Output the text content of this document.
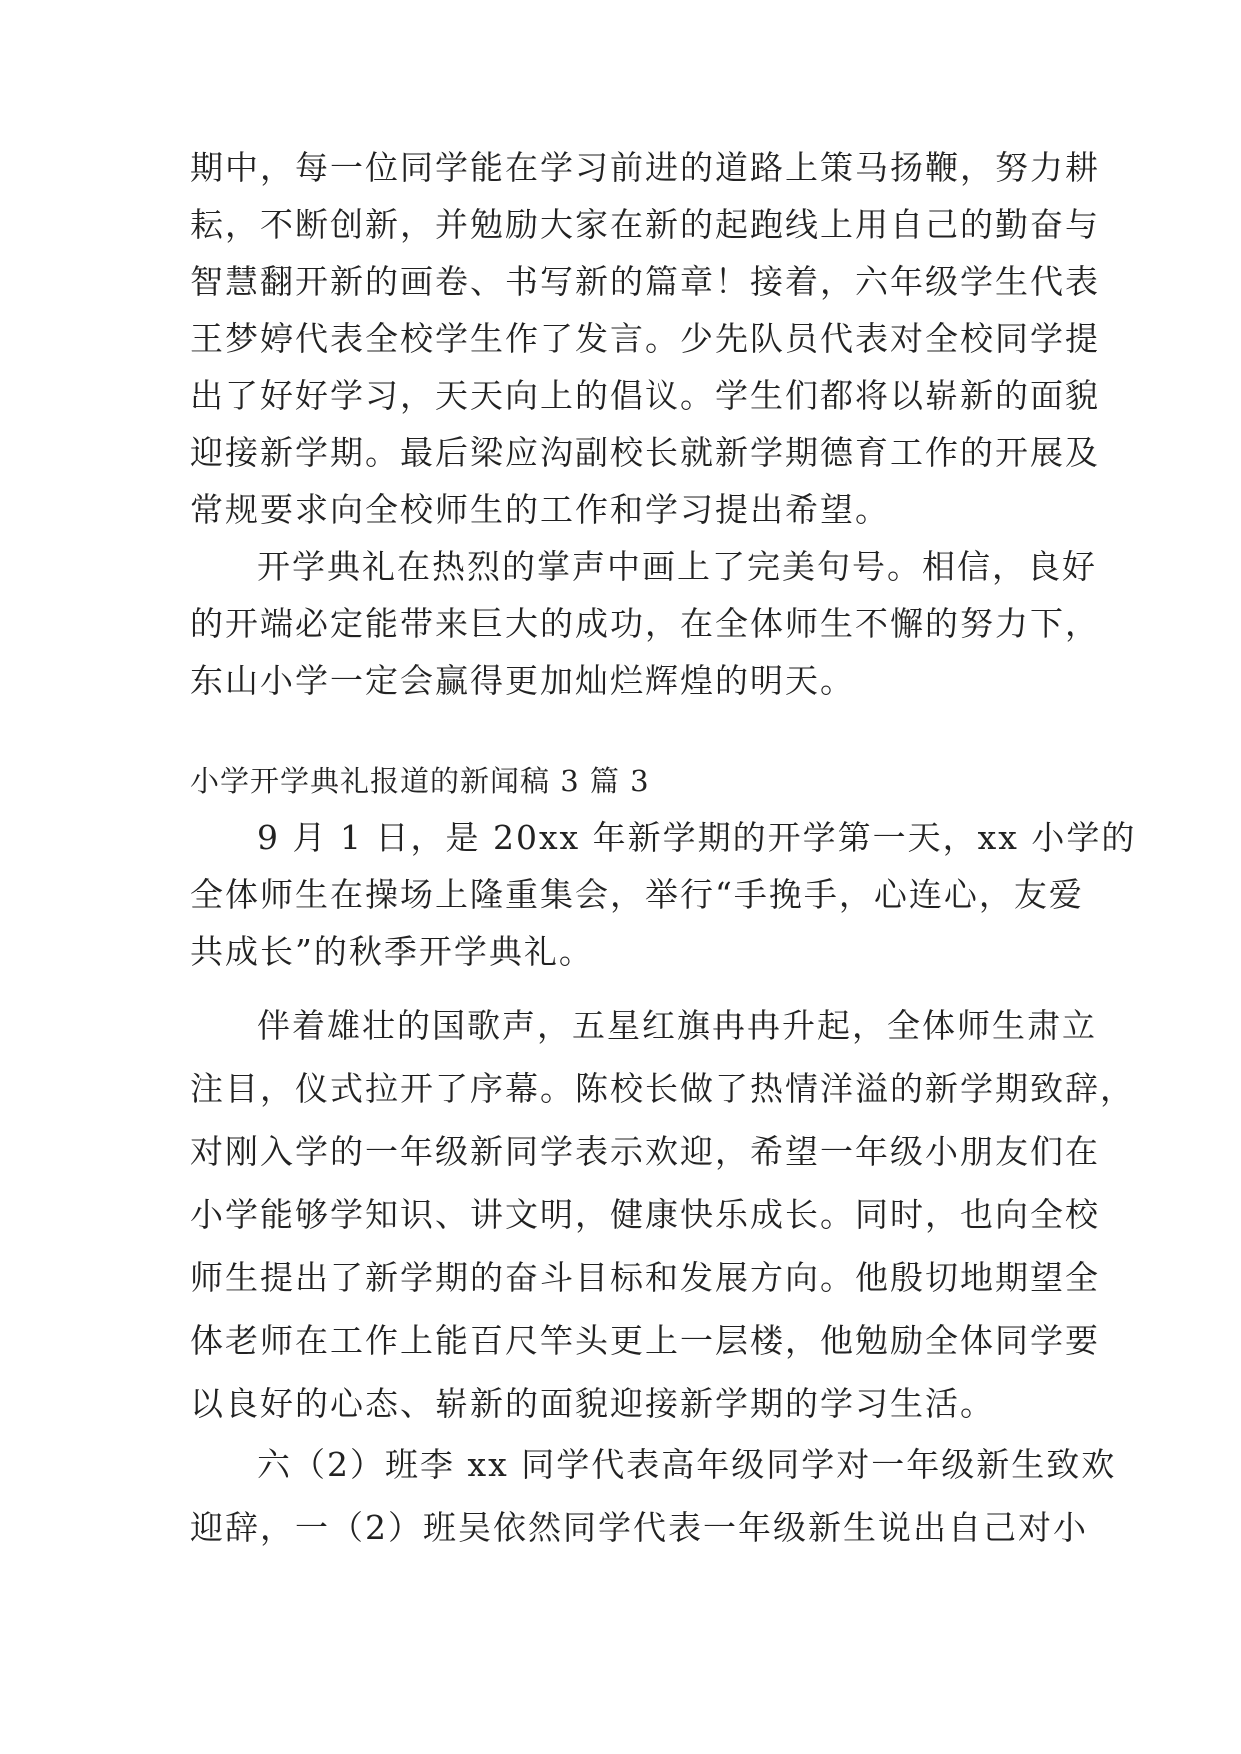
期中，每一位同学能在学习前进的道路上策马扬鞭，努力耕
耘，不断创新，并勉励大家在新的起跑线上用自己的勤奋与
智慧翻开新的画卷、书写新的篇章！接着，六年级学生代表
王梦婷代表全校学生作了发言。少先队员代表对全校同学提
出了好好学习，天天向上的倡议。学生们都将以崭新的面貌
迎接新学期。最后梁应沟副校长就新学期德育工作的开展及
常规要求向全校师生的工作和学习提出希望。
开学典礼在热烈的掌声中画上了完美句号。相信，良好
的开端必定能带来巨大的成功，在全体师生不懈的努力下，
东山小学一定会赢得更加灿烂辉煌的明天。
小学开学典礼报道的新闻稿 3 篇 3
9 月 1 日，是 20xx 年新学期的开学第一天，xx 小学的
全体师生在操场上隆重集会，举行“手挽手，心连心，友爱
共成长”的秋季开学典礼。
伴着雄壮的国歌声，五星红旗冉冉升起，全体师生肃立
注目，仪式拉开了序幕。陈校长做了热情洋溢的新学期致辞，
对刚入学的一年级新同学表示欢迎，希望一年级小朋友们在
小学能够学知识、讲文明，健康快乐成长。同时，也向全校
师生提出了新学期的奋斗目标和发展方向。他殷切地期望全
体老师在工作上能百尺竿头更上一层楼，他勉励全体同学要
以良好的心态、崭新的面貌迎接新学期的学习生活。
六（2）班李 xx 同学代表高年级同学对一年级新生致欢
迎辞，一（2）班吴依然同学代表一年级新生说出自己对小
